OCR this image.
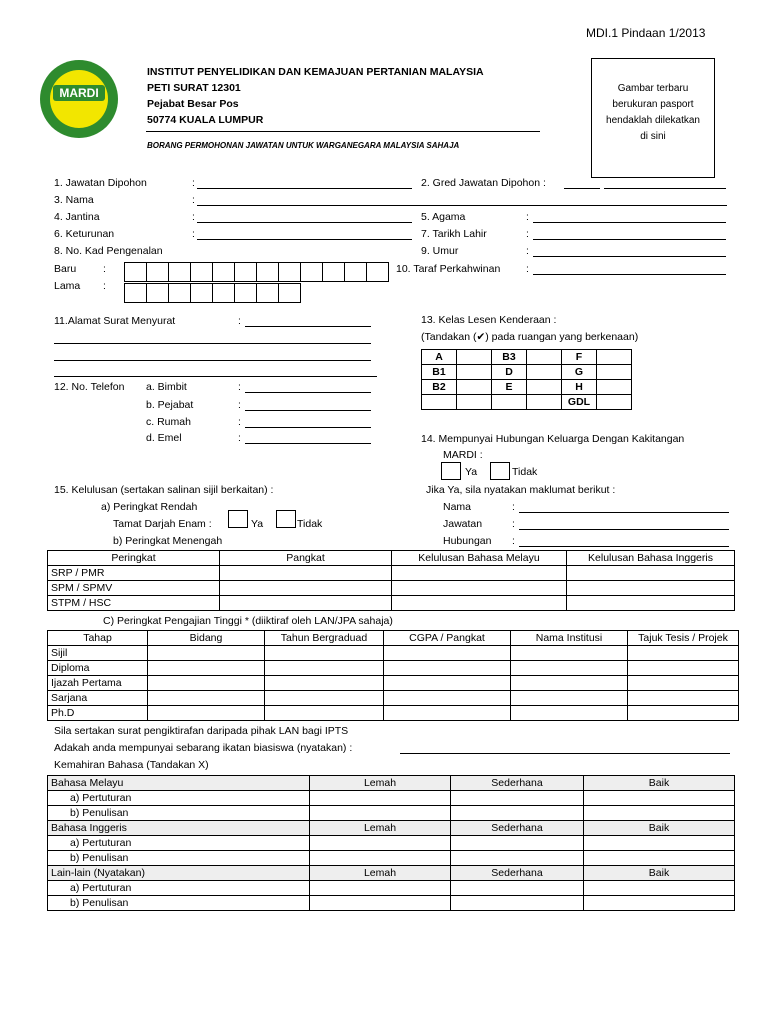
MDI.1 Pindaan 1/2013
MARDI
INSTITUT PENYELIDIKAN DAN KEMAJUAN PERTANIAN MALAYSIA
PETI SURAT 12301
Pejabat Besar Pos
50774 KUALA LUMPUR
BORANG PERMOHONAN JAWATAN UNTUK WARGANEGARA MALAYSIA SAHAJA
Gambar terbaru
berukuran pasport
hendaklah dilekatkan
di sini
1. Jawatan Dipohon	:
3. Nama	:
4. Jantina	:
6. Keturunan	:
8. No. Kad Pengenalan
Baru	:
Lama :

2. Gred Jawatan Dipohon :
5. Agama	:
7. Tarikh Lahir	:
9. Umur	:
10. Taraf Perkahwinan :
11.Alamat Surat Menyurat	:
12. No. Telefon a. Bimbit
b. Pejabat
c. Rumah
d. Emel
:
:
:
:
13. Kelas Lesen Kenderaan :
(Tandakan (✔) pada ruangan yang berkenaan)
A		B3		F	
B1		D		G	
B2		E		H	
				GDL	
14. Mempunyai Hubungan Keluarga Dengan Kakitangan
MARDI :
Ya	Tidak
Jika Ya, sila nyatakan maklumat berikut :
Nama
Jawatan
Hubungan
:
:
:
15. Kelulusan (sertakan salinan sijil berkaitan) :
a) Peringkat Rendah
Tamat Darjah Enam :	Ya	Tidak
b) Peringkat Menengah
Peringkat	Pangkat	Kelulusan Bahasa Melayu	Kelulusan Bahasa Inggeris
SRP / PMR			
SPM / SPMV			
STPM / HSC			
C) Peringkat Pengajian Tinggi * (diiktiraf oleh LAN/JPA sahaja)
Tahap	Bidang	Tahun Bergraduad	CGPA / Pangkat	Nama Institusi	Tajuk Tesis / Projek
Sijil					
Diploma					
Ijazah Pertama					
Sarjana					
Ph.D					
Sila sertakan surat pengiktirafan daripada pihak LAN bagi IPTS
Adakah anda mempunyai sebarang ikatan biasiswa (nyatakan) :
Kemahiran Bahasa (Tandakan X)
Bahasa Melayu	Lemah	Sederhana	Baik
a) Pertuturan			
b) Penulisan			
Bahasa Inggeris	Lemah	Sederhana	Baik
a) Pertuturan			
b) Penulisan			
Lain-lain (Nyatakan)	Lemah	Sederhana	Baik
a) Pertuturan			
b) Penulisan			
